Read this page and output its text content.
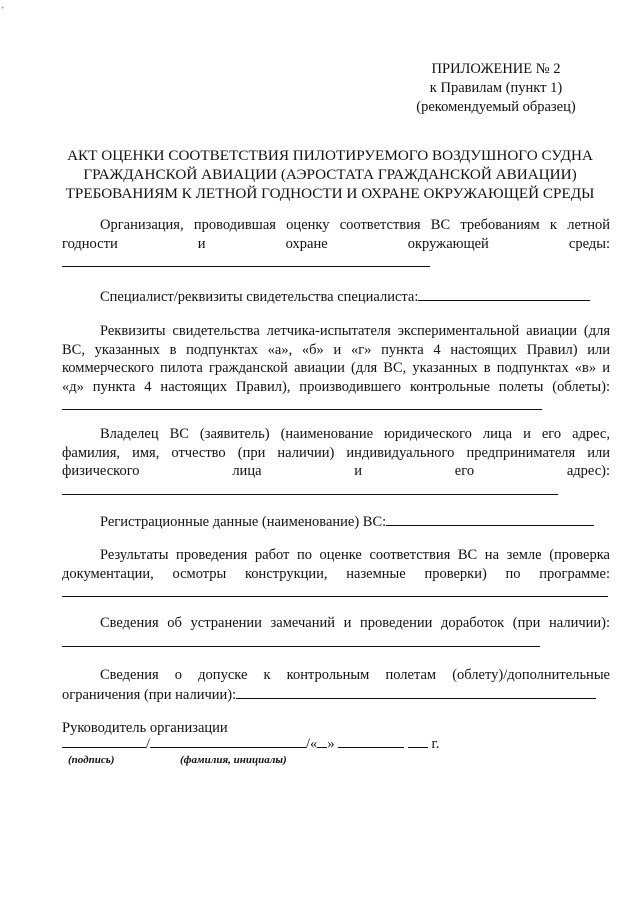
·
ПРИЛОЖЕНИЕ № 2
к Правилам (пункт 1)
(рекомендуемый образец)
АКТ ОЦЕНКИ СООТВЕТСТВИЯ ПИЛОТИРУЕМОГО ВОЗДУШНОГО СУДНА
ГРАЖДАНСКОЙ АВИАЦИИ (АЭРОСТАТА ГРАЖДАНСКОЙ АВИАЦИИ)
ТРЕБОВАНИЯМ К ЛЕТНОЙ ГОДНОСТИ И ОХРАНЕ ОКРУЖАЮЩЕЙ СРЕДЫ
Организация, проводившая оценку соответствия ВС требованиям к летной годности и охране окружающей среды:
Специалист/реквизиты свидетельства специалиста:
Реквизиты свидетельства летчика-испытателя экспериментальной авиации (для ВС, указанных в подпунктах «а», «б» и «г» пункта 4 настоящих Правил) или коммерческого пилота гражданской авиации (для ВС, указанных в подпунктах «в» и «д» пункта 4 настоящих Правил), производившего контрольные полеты (облеты):
Владелец ВС (заявитель) (наименование юридического лица и его адрес, фамилия, имя, отчество (при наличии) индивидуального предпринимателя или физического лица и его адрес):
Регистрационные данные (наименование) ВС:
Результаты проведения работ по оценке соответствия ВС на земле (проверка документации, осмотры конструкции, наземные проверки) по программе:
Сведения об устранении замечаний и проведении доработок (при наличии):
Сведения о допуске к контрольным полетам (облету)/дополнительные ограничения (при наличии):
Руководитель организации
/	/« »	г.
(подпись)	(фамилия, инициалы)
